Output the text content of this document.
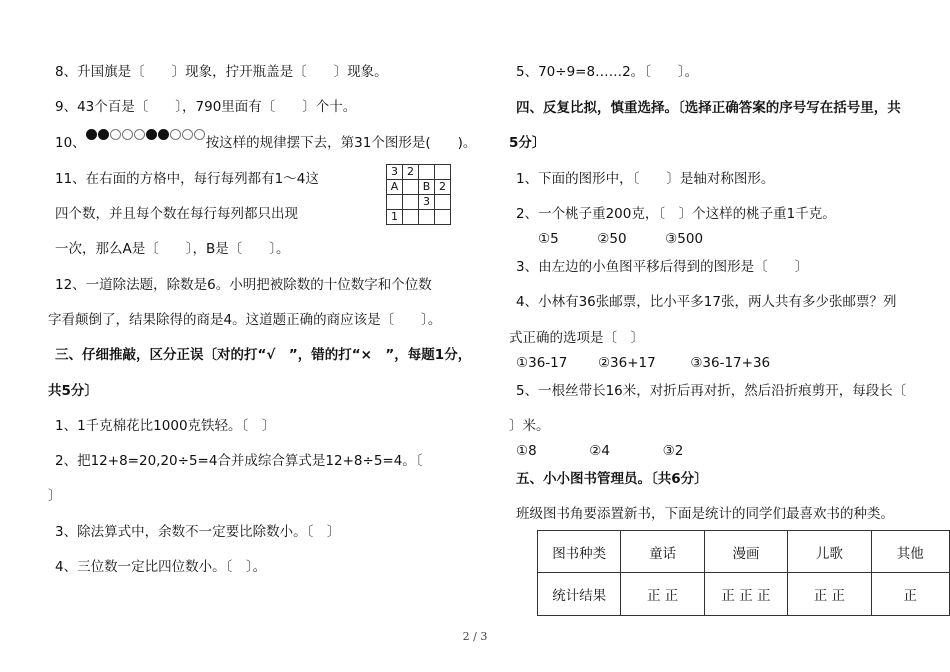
8、升国旗是〔　　〕现象，拧开瓶盖是〔　　〕现象。
9、43个百是〔　　〕，790里面有〔　　〕个十。
10、	按这样的规律摆下去，第31个图形是(　　)。
11、在右面的方格中，每行每列都有1～4这
四个数，并且每个数在每行每列都只出现
一次，那么A是〔　　〕，B是〔　　〕。
3	2		
A		B	2
		3	
1			
12、一道除法题，除数是6。小明把被除数的十位数字和个位数
字看颠倒了，结果除得的商是4。这道题正确的商应该是〔　　〕。
三、仔细推敲，区分正误〔对的打“√　”，错的打“×　”，每题1分，
共5分〕
1、1千克棉花比1000克铁轻。〔　〕
2、把12+8=20,20÷5=4合并成综合算式是12+8÷5=4。〔
〕
3、除法算式中，余数不一定要比除数小。〔　〕
4、三位数一定比四位数小。〔　〕。
5、70÷9=8……2。〔　　〕。
四、反复比拟，慎重选择。〔选择正确答案的序号写在括号里，共
5分〕
1、下面的图形中，〔　　〕是轴对称图形。
2、一个桃子重200克，〔　〕个这样的桃子重1千克。
①5	②50	③500
3、由左边的小鱼图平移后得到的图形是〔　　〕
4、小林有36张邮票，比小平多17张，两人共有多少张邮票？列
式正确的选项是〔　〕
①36-17 ②36+17	③36-17+36
5、一根丝带长16米，对折后再对折，然后沿折痕剪开，每段长〔
〕米。
①8	②4	③2
五、小小图书管理员。〔共6分〕
班级图书角要添置新书，下面是统计的同学们最喜欢书的种类。
图书种类	童话	漫画	儿歌	其他
统计结果	正 正	正 正 正	正 正	正
2 / 3
